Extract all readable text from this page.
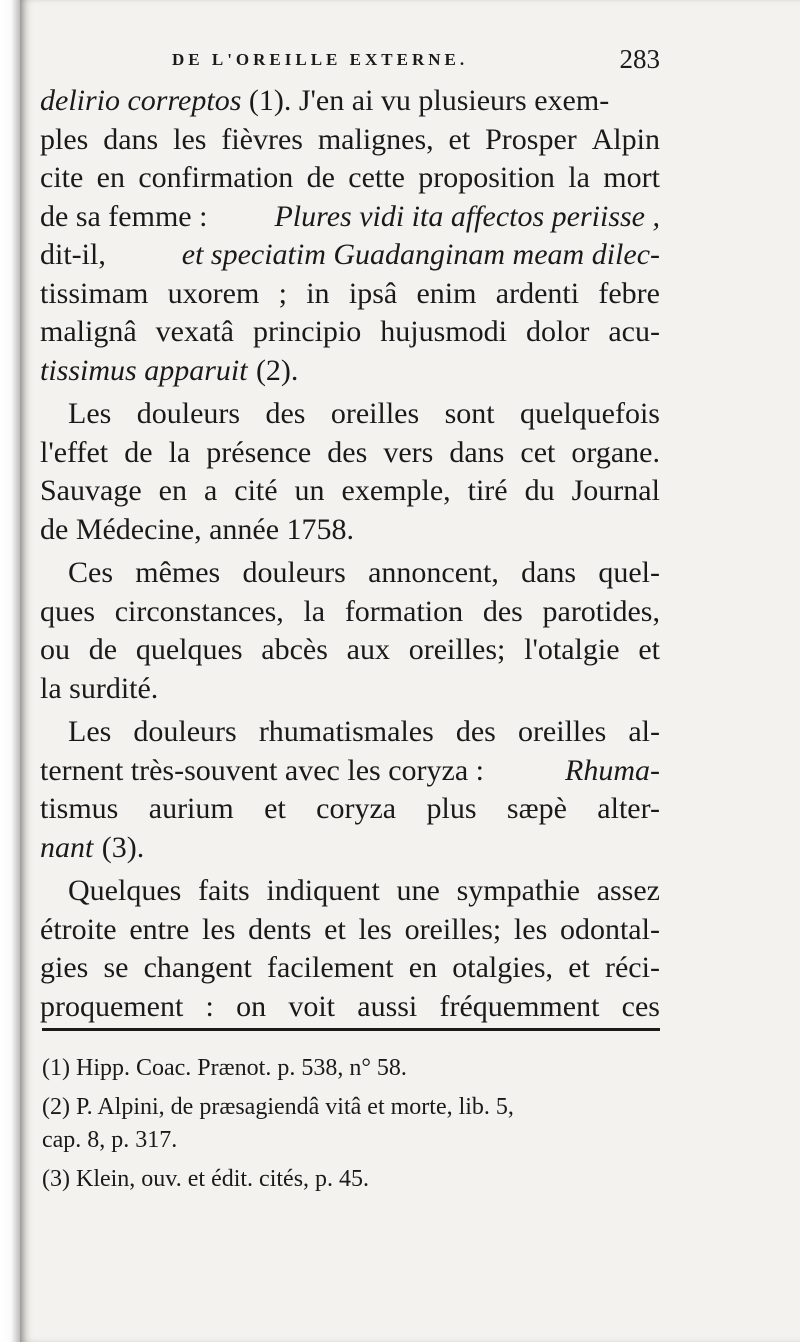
DE L'OREILLE EXTERNE.	283
delirio correptos (1). J'en ai vu plusieurs exem-
ples dans les fièvres malignes, et Prosper Alpin
cite en confirmation de cette proposition la mort
de sa femme : Plures vidi ita affectos periisse ,
dit-il,	et speciatim Guadanginam meam dilec-
tissimam uxorem ; in ipsâ enim ardenti febre
malignâ vexatâ principio hujusmodi dolor acu-
tissimus apparuit (2).
Les douleurs des oreilles sont quelquefois
l'effet de la présence des vers dans cet organe.
Sauvage en a cité un exemple, tiré du Journal
de Médecine, année 1758.
Ces mêmes douleurs annoncent, dans quel-
ques circonstances, la formation des parotides,
ou de quelques abcès aux oreilles; l'otalgie et
la surdité.
Les douleurs rhumatismales des oreilles al-
ternent très-souvent avec les coryza :	Rhuma-
tismus aurium et coryza plus sæpè alter-
nant (3).
Quelques faits indiquent une sympathie assez
étroite entre les dents et les oreilles; les odontal-
gies se changent facilement en otalgies, et réci-
proquement : on voit aussi fréquemment ces
(1) Hipp. Coac. Prænot. p. 538, n° 58.
(2) P. Alpini, de præsagiendâ vitâ et morte, lib. 5,
cap. 8, p. 317.
(3) Klein, ouv. et édit. cités, p. 45.
